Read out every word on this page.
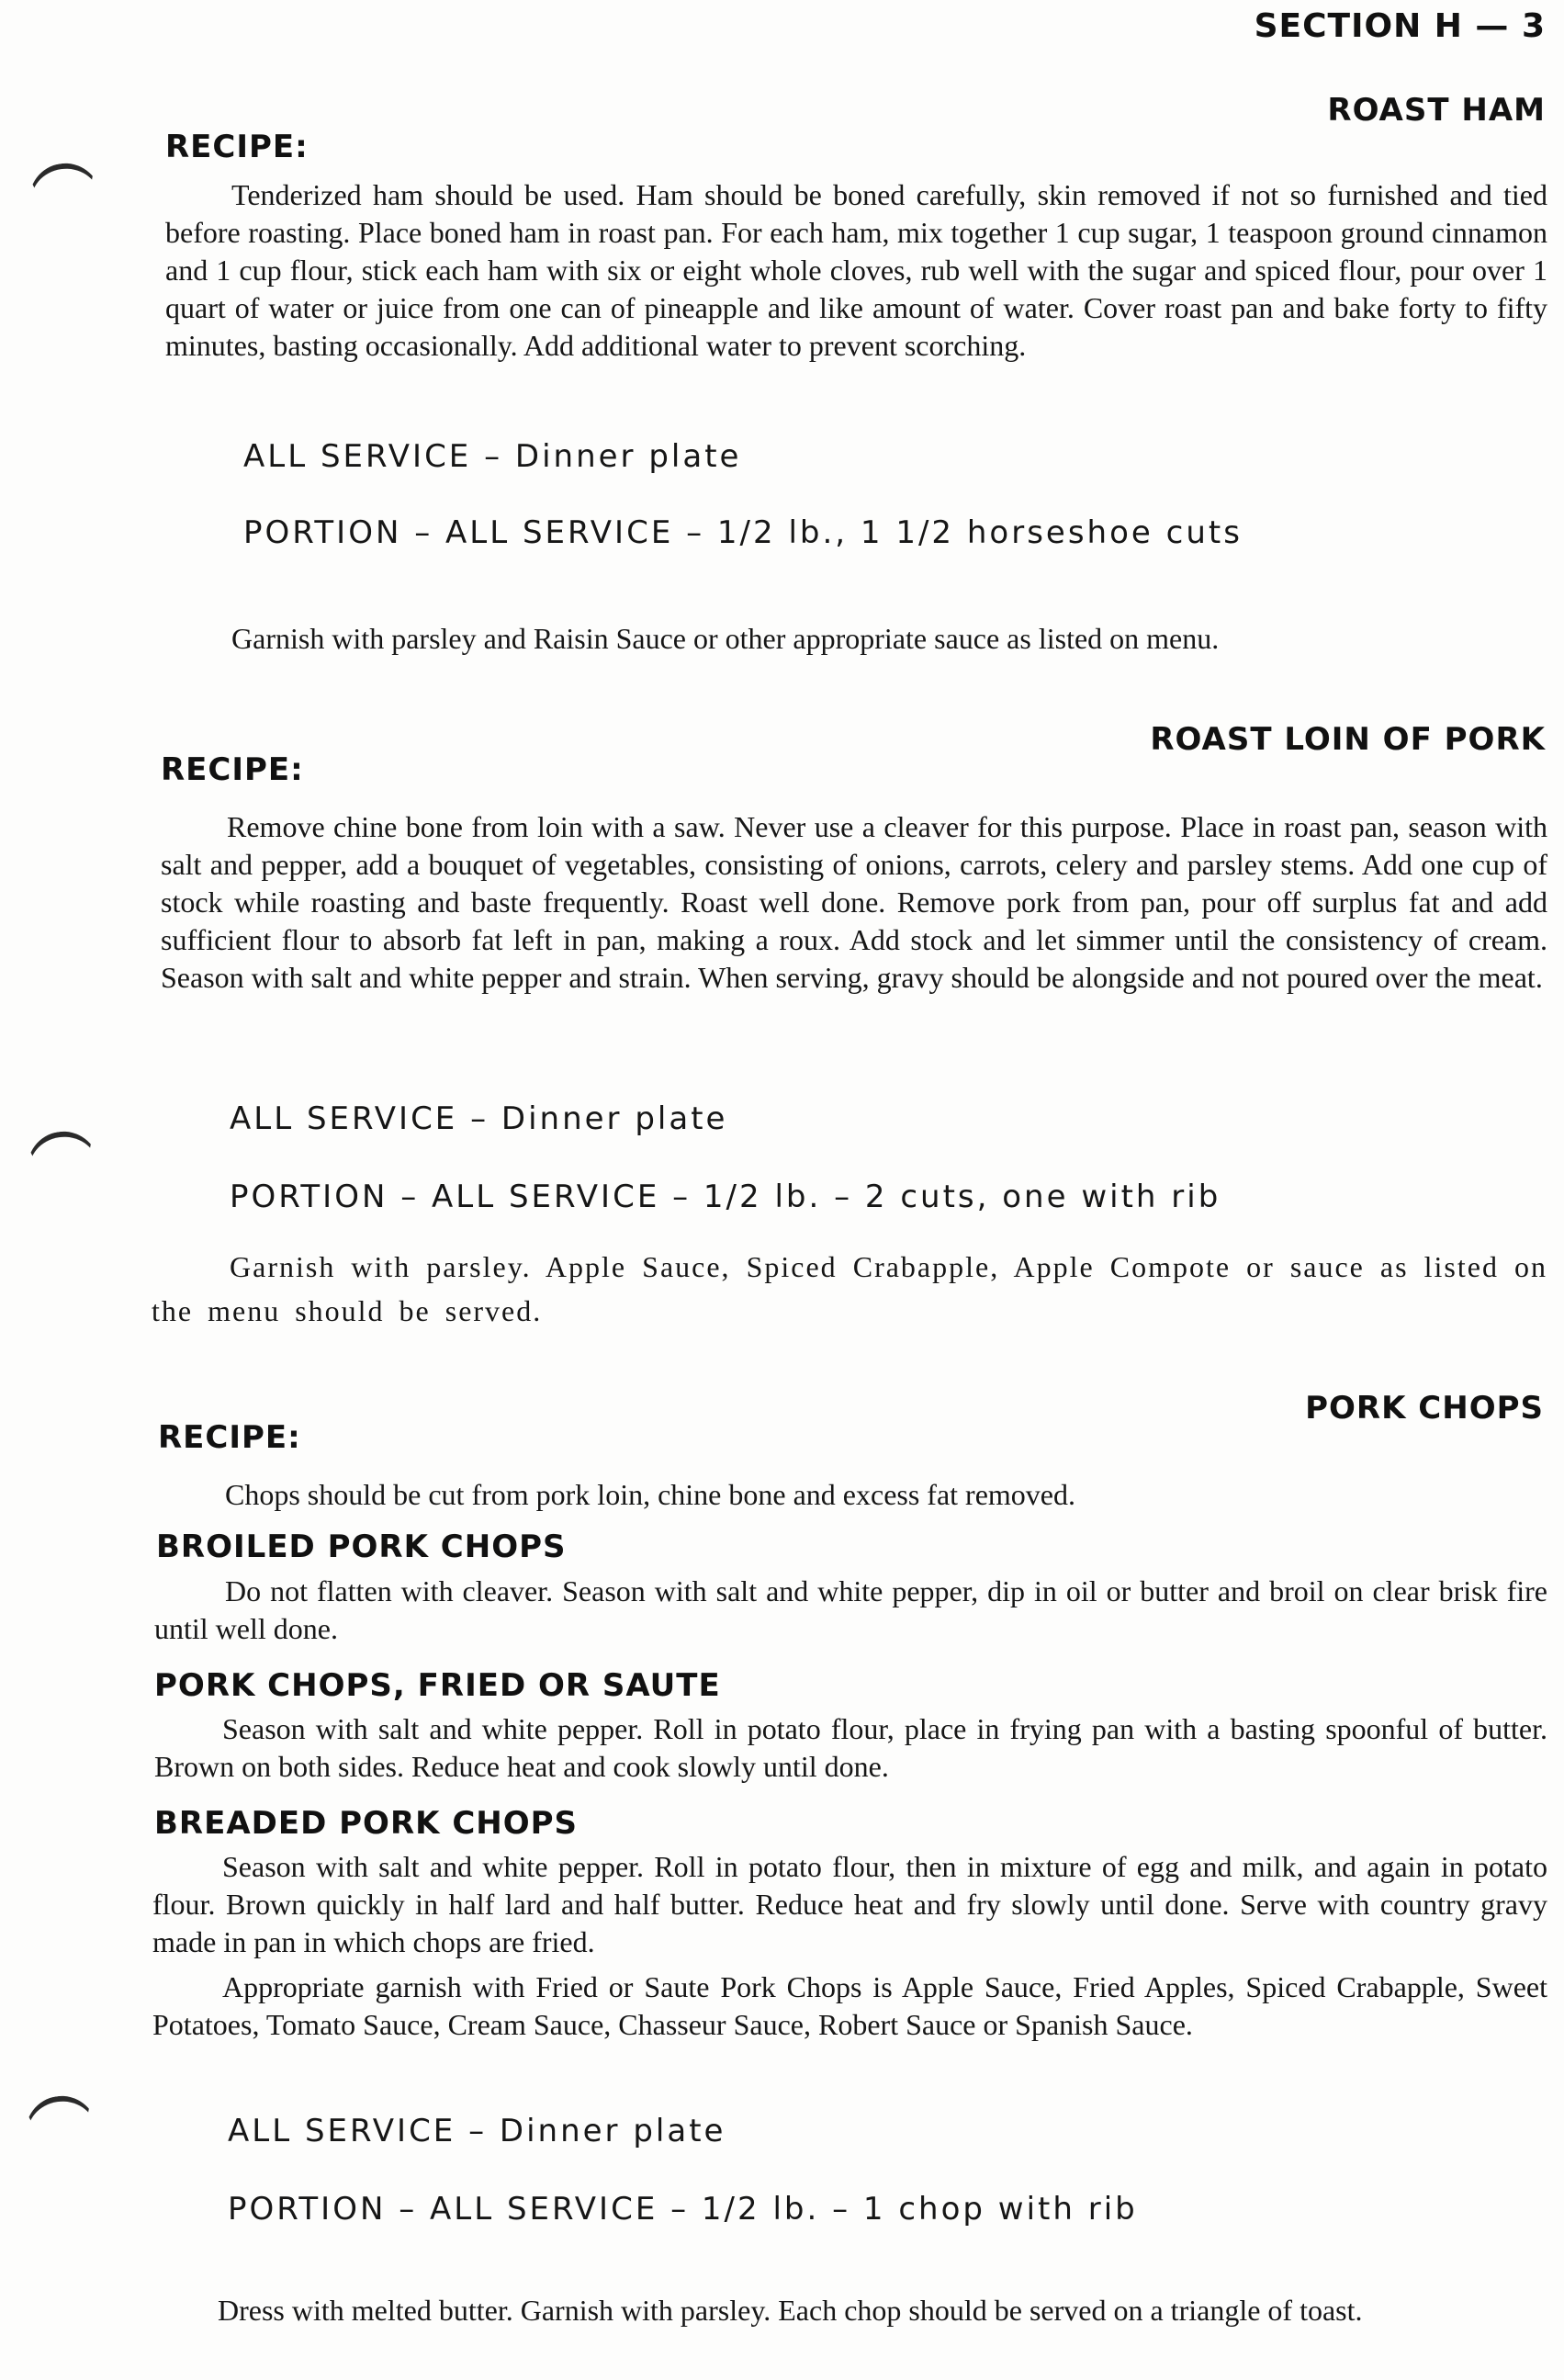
SECTION H — 3
ROAST HAM
RECIPE:
Tenderized ham should be used. Ham should be boned carefully, skin removed if not so furnished and tied before roasting. Place boned ham in roast pan. For each ham, mix together 1 cup sugar, 1 teaspoon ground cinnamon and 1 cup flour, stick each ham with six or eight whole cloves, rub well with the sugar and spiced flour, pour over 1 quart of water or juice from one can of pineapple and like amount of water. Cover roast pan and bake forty to fifty minutes, basting occasionally. Add additional water to prevent scorching.
ALL SERVICE – Dinner plate
PORTION – ALL SERVICE – 1/2 lb., 1 1/2 horseshoe cuts
Garnish with parsley and Raisin Sauce or other appropriate sauce as listed on menu.
ROAST LOIN OF PORK
RECIPE:
Remove chine bone from loin with a saw. Never use a cleaver for this purpose. Place in roast pan, season with salt and pepper, add a bouquet of vegetables, consisting of onions, carrots, celery and parsley stems. Add one cup of stock while roasting and baste frequently. Roast well done. Remove pork from pan, pour off surplus fat and add sufficient flour to absorb fat left in pan, making a roux. Add stock and let simmer until the consistency of cream. Season with salt and white pepper and strain. When serving, gravy should be alongside and not poured over the meat.
ALL SERVICE – Dinner plate
PORTION – ALL SERVICE – 1/2 lb. – 2 cuts, one with rib
Garnish with parsley. Apple Sauce, Spiced Crabapple, Apple Compote or sauce as listed on the menu should be served.
PORK CHOPS
RECIPE:
Chops should be cut from pork loin, chine bone and excess fat removed.
BROILED PORK CHOPS
Do not flatten with cleaver. Season with salt and white pepper, dip in oil or butter and broil on clear brisk fire until well done.
PORK CHOPS, FRIED OR SAUTE
Season with salt and white pepper. Roll in potato flour, place in frying pan with a basting spoonful of butter. Brown on both sides. Reduce heat and cook slowly until done.
BREADED PORK CHOPS
Season with salt and white pepper. Roll in potato flour, then in mixture of egg and milk, and again in potato flour. Brown quickly in half lard and half butter. Reduce heat and fry slowly until done. Serve with country gravy made in pan in which chops are fried.
Appropriate garnish with Fried or Saute Pork Chops is Apple Sauce, Fried Apples, Spiced Crabapple, Sweet Potatoes, Tomato Sauce, Cream Sauce, Chasseur Sauce, Robert Sauce or Spanish Sauce.
ALL SERVICE – Dinner plate
PORTION – ALL SERVICE – 1/2 lb. – 1 chop with rib
Dress with melted butter. Garnish with parsley. Each chop should be served on a triangle of toast.
